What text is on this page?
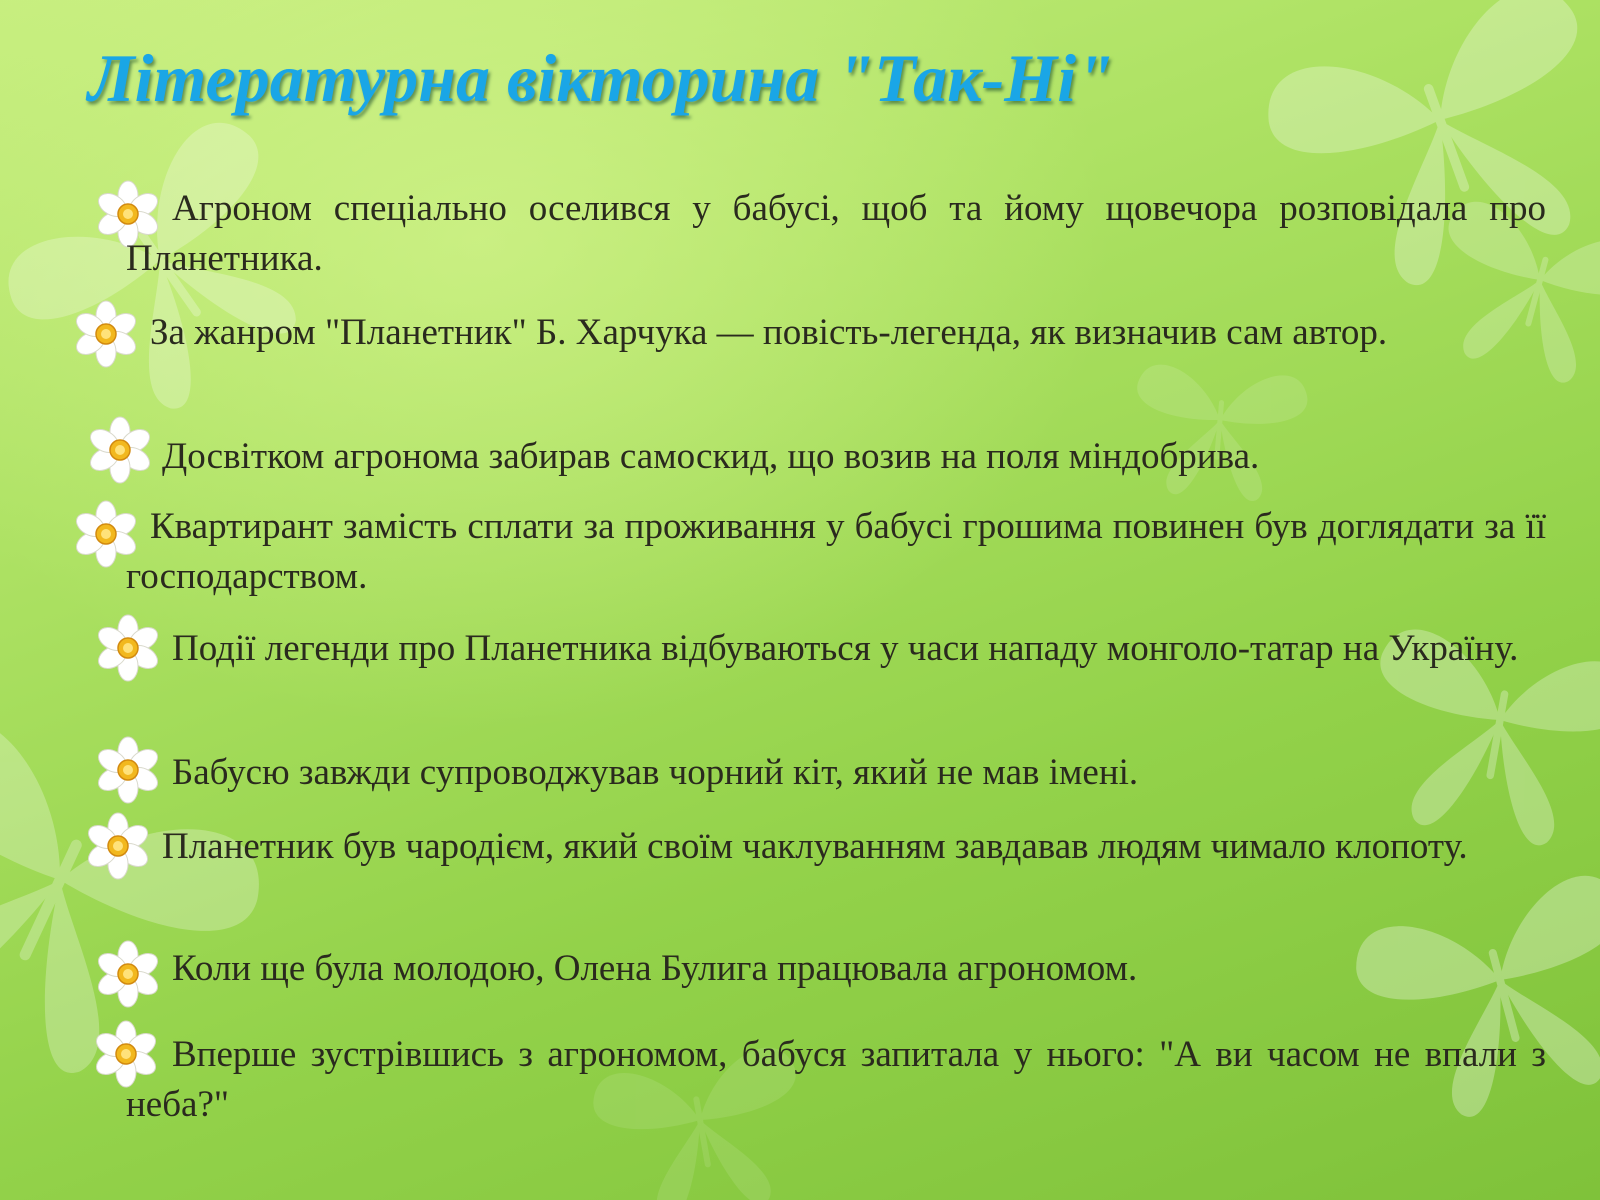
Літературна вікторина "Так-Ні"
Агроном спеціально оселився у бабусі, щоб та йому щовечора розповідала про Планетника.
За жанром "Планетник" Б. Харчука — повість-легенда, як визначив сам автор.
Досвітком агронома забирав самоскид, що возив на поля міндобрива.
Квартирант замість сплати за проживання у бабусі грошима повинен був доглядати за її господарством.
Події легенди про Планетника відбуваються у часи нападу монголо-татар на Україну.
Бабусю завжди супроводжував чорний кіт, який не мав імені.
Планетник був чародієм, який своїм чаклуванням завдавав людям чимало клопоту.
Коли ще була молодою, Олена Булига працювала агрономом.
Вперше зустрівшись з агрономом, бабуся запитала у нього: "А ви часом не впали з неба?"
